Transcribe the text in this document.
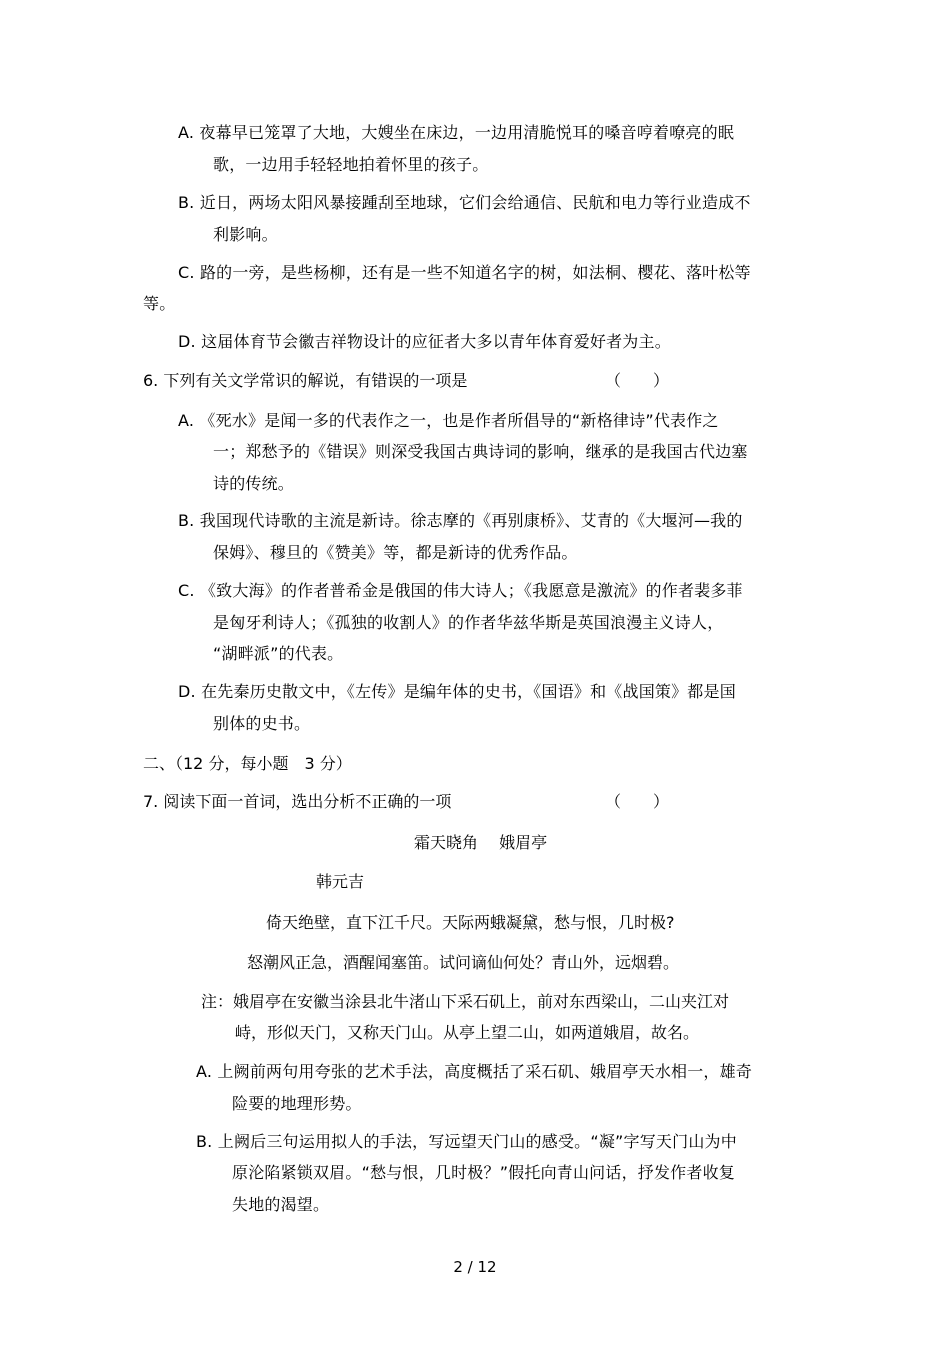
A. 夜幕早已笼罩了大地，大嫂坐在床边，一边用清脆悦耳的嗓音哼着嘹亮的眠
歌，一边用手轻轻地拍着怀里的孩子。
B. 近日，两场太阳风暴接踵刮至地球，它们会给通信、民航和电力等行业造成不
利影响。
C. 路的一旁，是些杨柳，还有是一些不知道名字的树，如法桐、樱花、落叶松等
等。
D. 这届体育节会徽吉祥物设计的应征者大多以青年体育爱好者为主。
6. 下列有关文学常识的解说，有错误的一项是	（　　）
A. 《死水》是闻一多的代表作之一，也是作者所倡导的“新格律诗”代表作之
一；郑愁予的《错误》则深受我国古典诗词的影响，继承的是我国古代边塞
诗的传统。
B. 我国现代诗歌的主流是新诗。徐志摩的《再别康桥》、艾青的《大堰河—我的
保姆》、穆旦的《赞美》等，都是新诗的优秀作品。
C. 《致大海》的作者普希金是俄国的伟大诗人；《我愿意是激流》的作者裴多菲
是匈牙利诗人；《孤独的收割人》的作者华兹华斯是英国浪漫主义诗人，
“湖畔派”的代表。
D. 在先秦历史散文中，《左传》是编年体的史书，《国语》和《战国策》都是国
别体的史书。
二、（12 分，每小题　3 分）
7. 阅读下面一首词，选出分析不正确的一项	（　　）
霜天晓角　 娥眉亭
韩元吉
倚天绝壁，直下江千尺。天际两蛾凝黛，愁与恨，几时极?
怒潮风正急，酒醒闻塞笛。试问谪仙何处？青山外，远烟碧。
注：娥眉亭在安徽当涂县北牛渚山下采石矶上，前对东西梁山，二山夹江对
峙，形似天门，又称天门山。从亭上望二山，如两道娥眉，故名。
A. 上阙前两句用夸张的艺术手法，高度概括了采石矶、娥眉亭天水相一，雄奇
险要的地理形势。
B. 上阙后三句运用拟人的手法，写远望天门山的感受。“凝”字写天门山为中
原沦陷紧锁双眉。“愁与恨，几时极？”假托向青山问话，抒发作者收复
失地的渴望。
2 / 12
